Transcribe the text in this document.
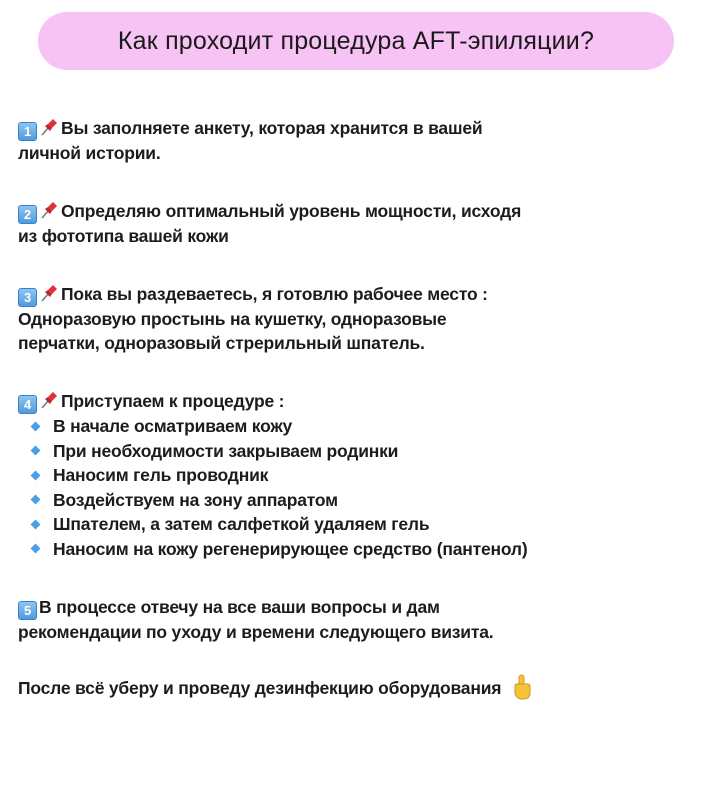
Как проходит процедура AFT-эпиляции?
1 Вы заполняете анкету, которая хранится в вашей
личной истории.
2 Определяю оптимальный уровень мощности, исходя
из фототипа вашей кожи
3 Пока вы раздеваетесь, я готовлю рабочее место :
Одноразовую простынь на кушетку, одноразовые
перчатки, одноразовый стрерильный шпатель.
4 Приступаем к процедуре :
В начале осматриваем кожу
При необходимости закрываем родинки
Наносим гель проводник
Воздействуем на зону аппаратом
Шпателем, а затем салфеткой удаляем гель
Наносим на кожу регенерирующее средство (пантенол)
5 В процессе отвечу на все ваши вопросы и дам
рекомендации по уходу и времени следующего визита.
После всё уберу и проведу дезинфекцию оборудования
